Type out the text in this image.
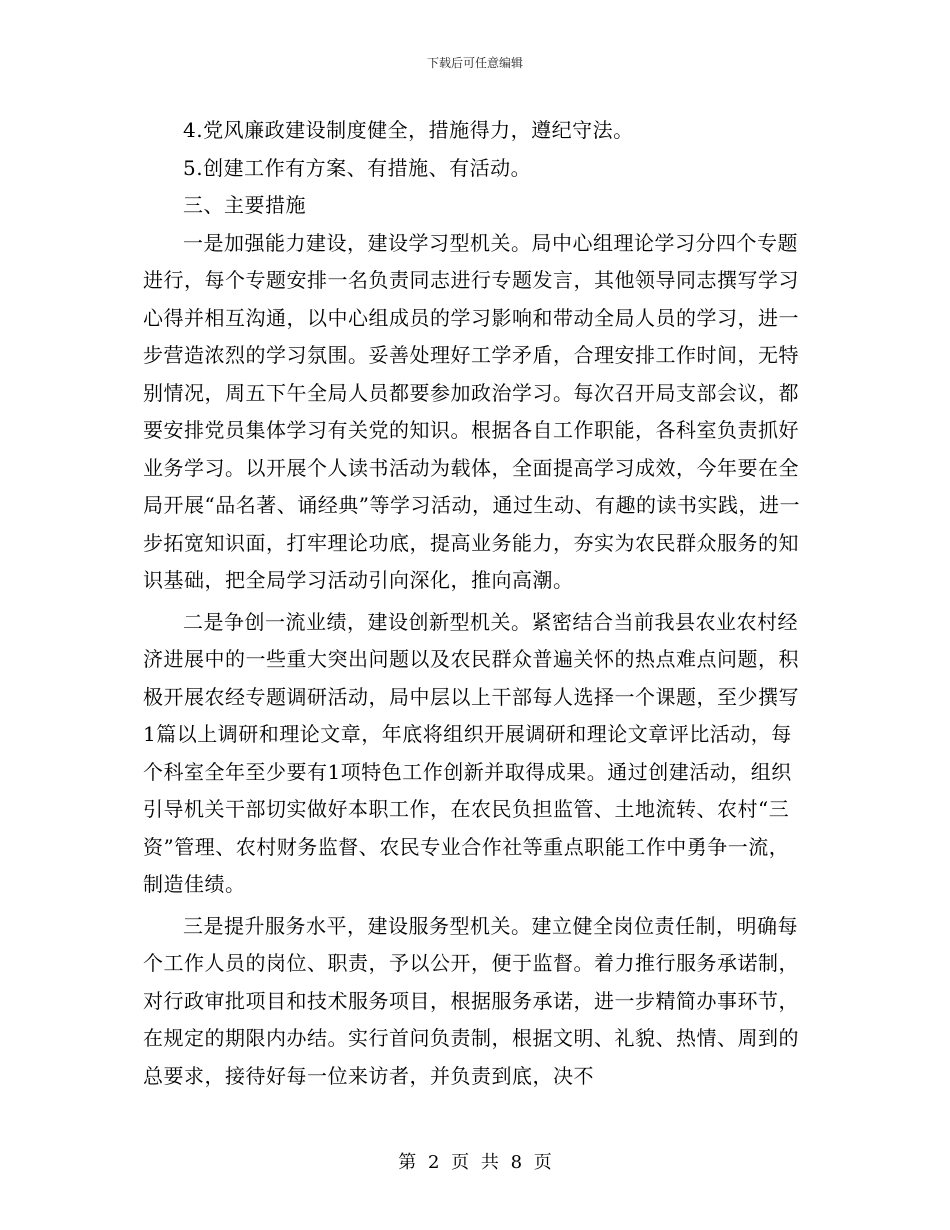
下载后可任意编辑

4.党风廉政建设制度健全，措施得力，遵纪守法。

5.创建工作有方案、有措施、有活动。

三、主要措施

一是加强能力建设，建设学习型机关。局中心组理论学习分四个专题进行，每个专题安排一名负责同志进行专题发言，其他领导同志撰写学习心得并相互沟通，以中心组成员的学习影响和带动全局人员的学习，进一步营造浓烈的学习氛围。妥善处理好工学矛盾，合理安排工作时间，无特别情况，周五下午全局人员都要参加政治学习。每次召开局支部会议，都要安排党员集体学习有关党的知识。根据各自工作职能，各科室负责抓好业务学习。以开展个人读书活动为载体，全面提高学习成效，今年要在全局开展“品名著、诵经典”等学习活动，通过生动、有趣的读书实践，进一步拓宽知识面，打牢理论功底，提高业务能力，夯实为农民群众服务的知识基础，把全局学习活动引向深化，推向高潮。

二是争创一流业绩，建设创新型机关。紧密结合当前我县农业农村经济进展中的一些重大突出问题以及农民群众普遍关怀的热点难点问题，积极开展农经专题调研活动，局中层以上干部每人选择一个课题，至少撰写1篇以上调研和理论文章，年底将组织开展调研和理论文章评比活动，每个科室全年至少要有1项特色工作创新并取得成果。通过创建活动，组织引导机关干部切实做好本职工作，在农民负担监管、土地流转、农村“三资”管理、农村财务监督、农民专业合作社等重点职能工作中勇争一流，制造佳绩。

三是提升服务水平，建设服务型机关。建立健全岗位责任制，明确每个工作人员的岗位、职责，予以公开，便于监督。着力推行服务承诺制，对行政审批项目和技术服务项目，根据服务承诺，进一步精简办事环节，在规定的期限内办结。实行首问负责制，根据文明、礼貌、热情、周到的总要求，接待好每一位来访者，并负责到底，决不

第 2 页 共 8 页
